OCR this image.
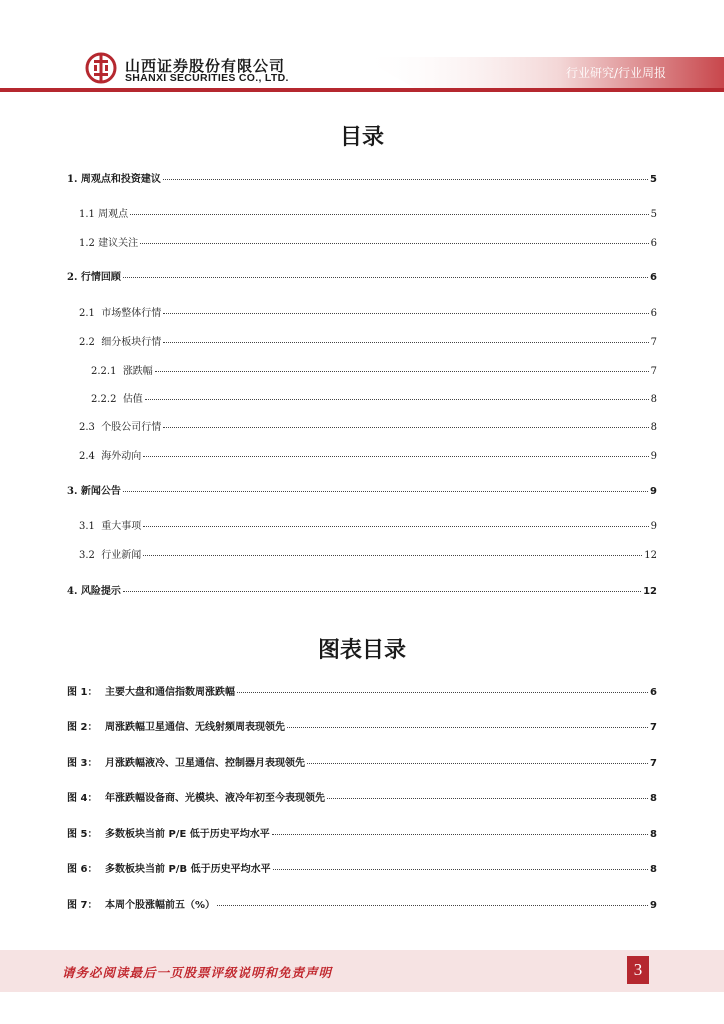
山西证券股份有限公司
SHANXI SECURITIES CO., LTD.	行业研究/行业周报
目录
1. 周观点和投资建议	5
1.1 周观点	5
1.2 建议关注	6
2. 行情回顾	6
2.1 市场整体行情	6
2.2 细分板块行情	7
2.2.1 涨跌幅	7
2.2.2 估值	8
2.3 个股公司行情	8
2.4 海外动向	9
3. 新闻公告	9
3.1 重大事项	9
3.2 行业新闻	12
4. 风险提示	12
图表目录
图 1： 主要大盘和通信指数周涨跌幅	6
图 2： 周涨跌幅卫星通信、无线射频周表现领先	7
图 3： 月涨跌幅液冷、卫星通信、控制器月表现领先	7
图 4： 年涨跌幅设备商、光模块、液冷年初至今表现领先	8
图 5： 多数板块当前 P/E 低于历史平均水平	8
图 6： 多数板块当前 P/B 低于历史平均水平	8
图 7： 本周个股涨幅前五（%）	9
请务必阅读最后一页股票评级说明和免责声明	3
